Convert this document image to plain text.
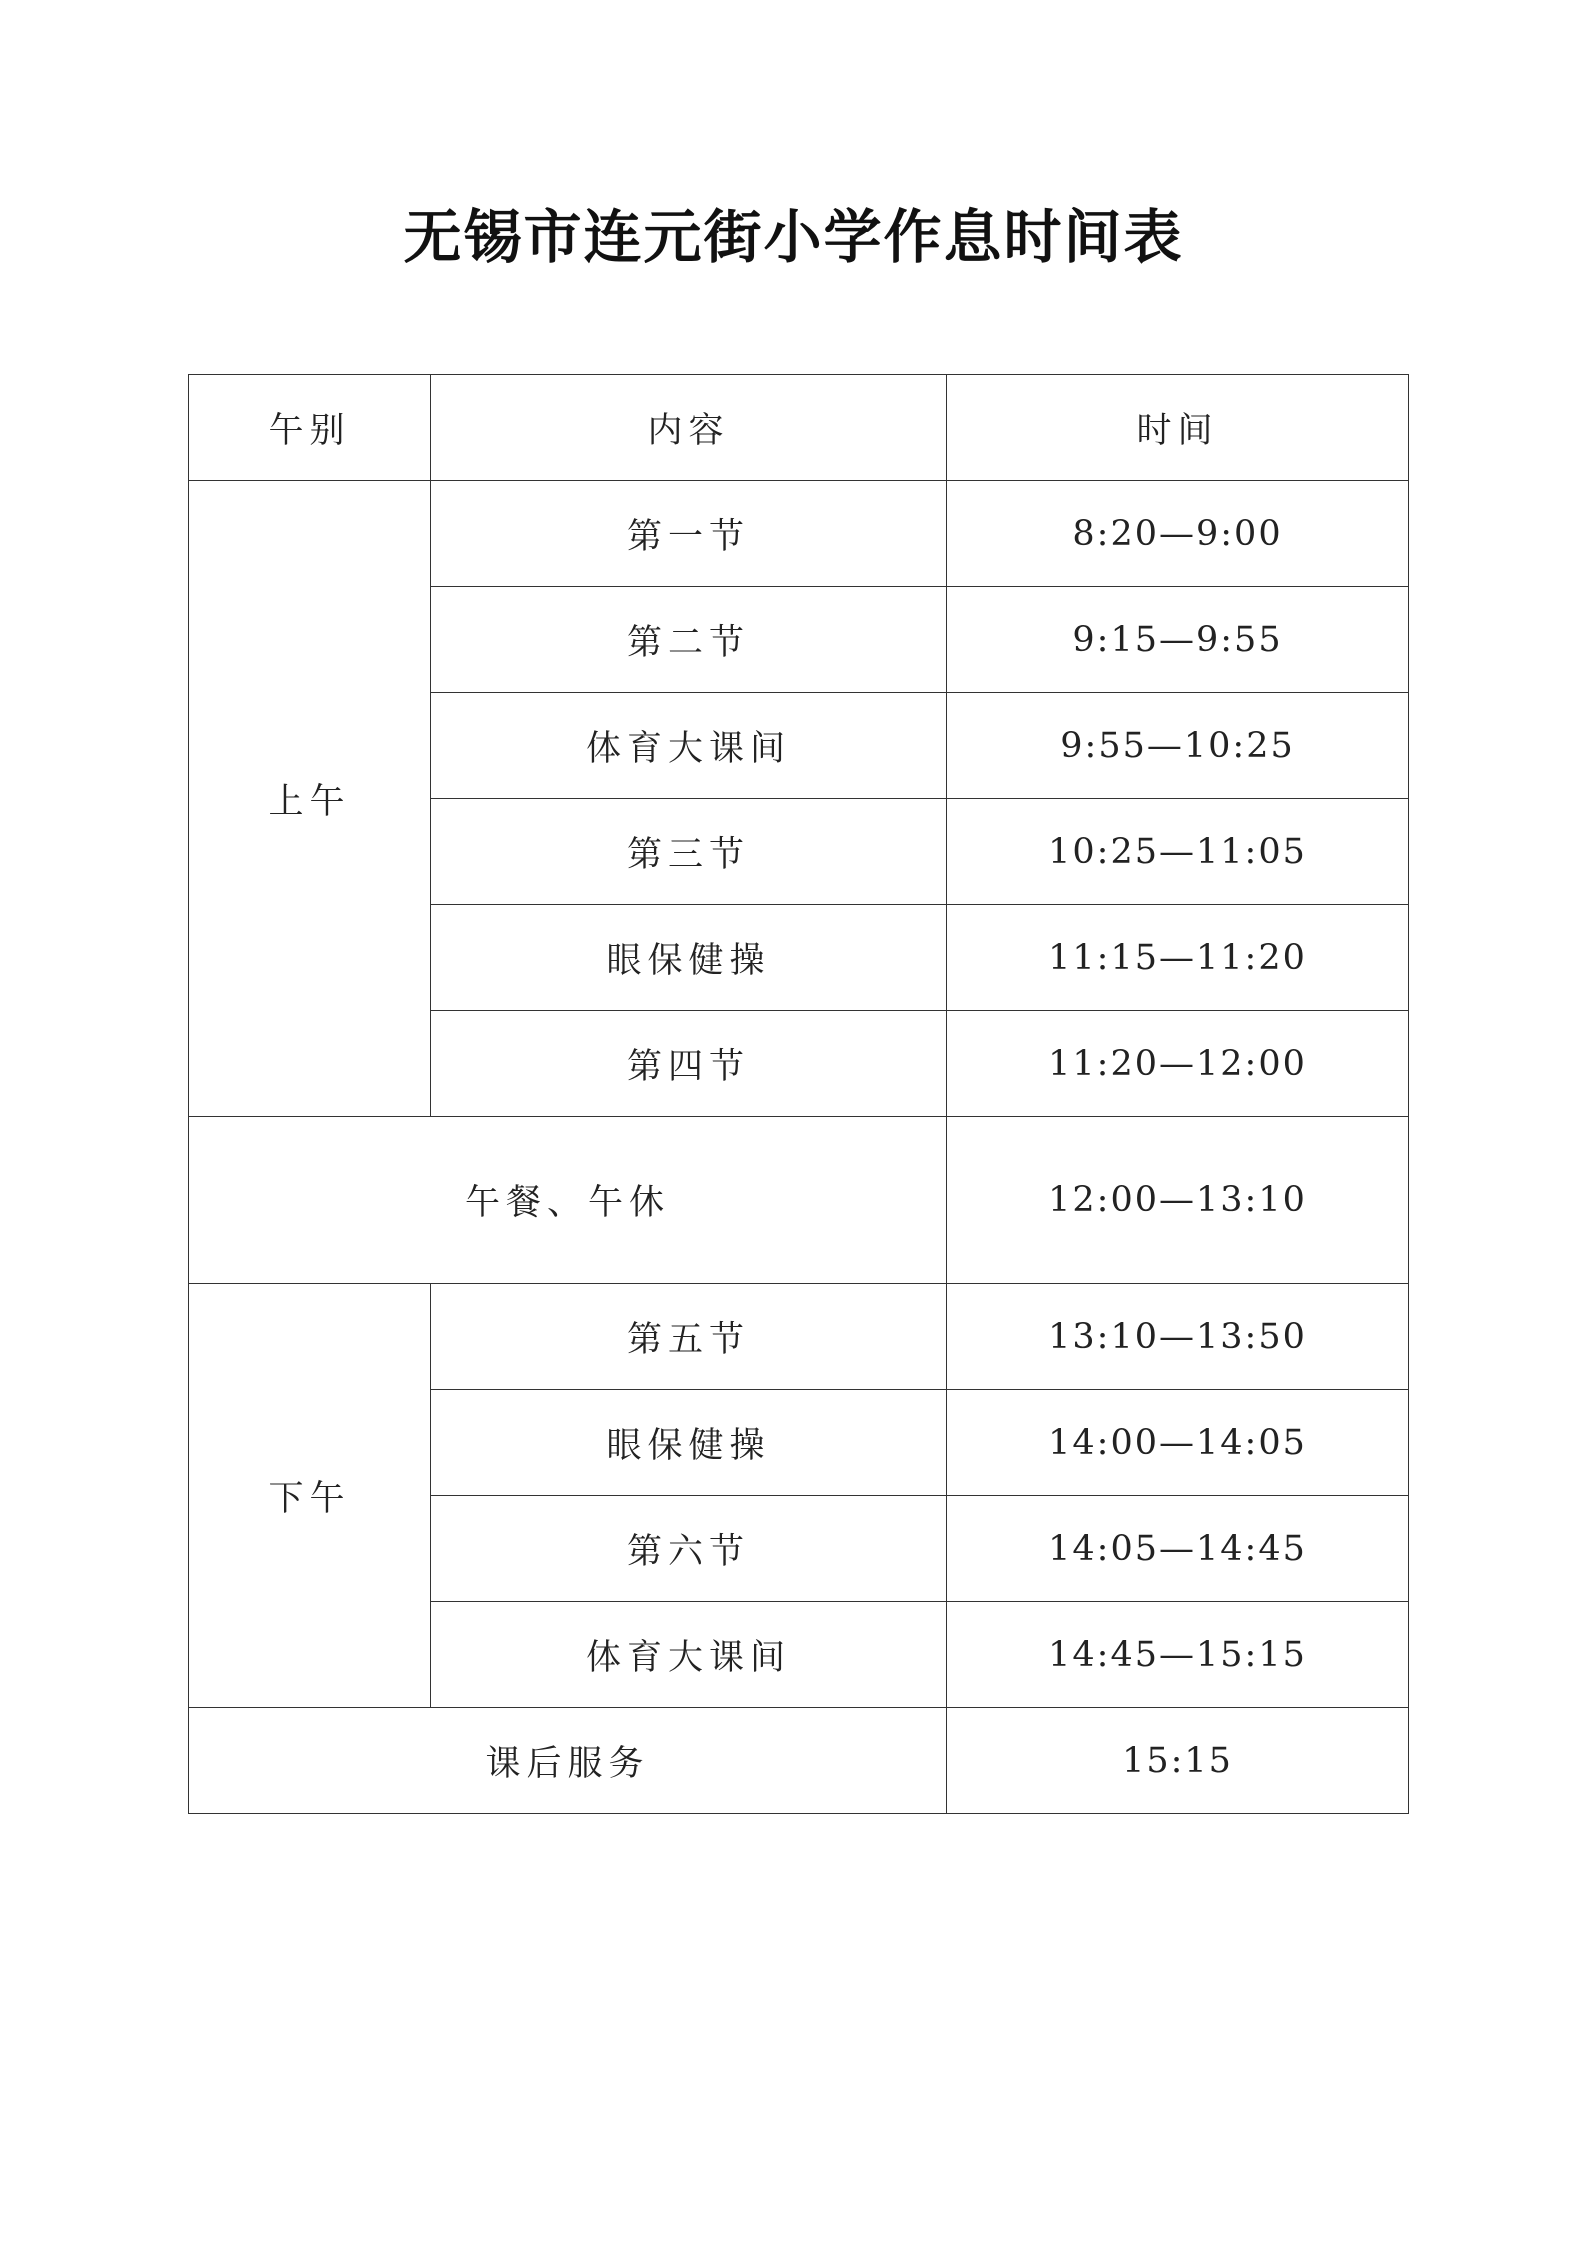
无锡市连元街小学作息时间表
午别	内容	时间
上午	第一节	8:20—9:00
	第二节	9:15—9:55
	体育大课间	9:55—10:25
	第三节	10:25—11:05
	眼保健操	11:15—11:20
	第四节	11:20—12:00
午餐、午休		12:00—13:10
下午	第五节	13:10—13:50
	眼保健操	14:00—14:05
	第六节	14:05—14:45
	体育大课间	14:45—15:15
课后服务		15:15
